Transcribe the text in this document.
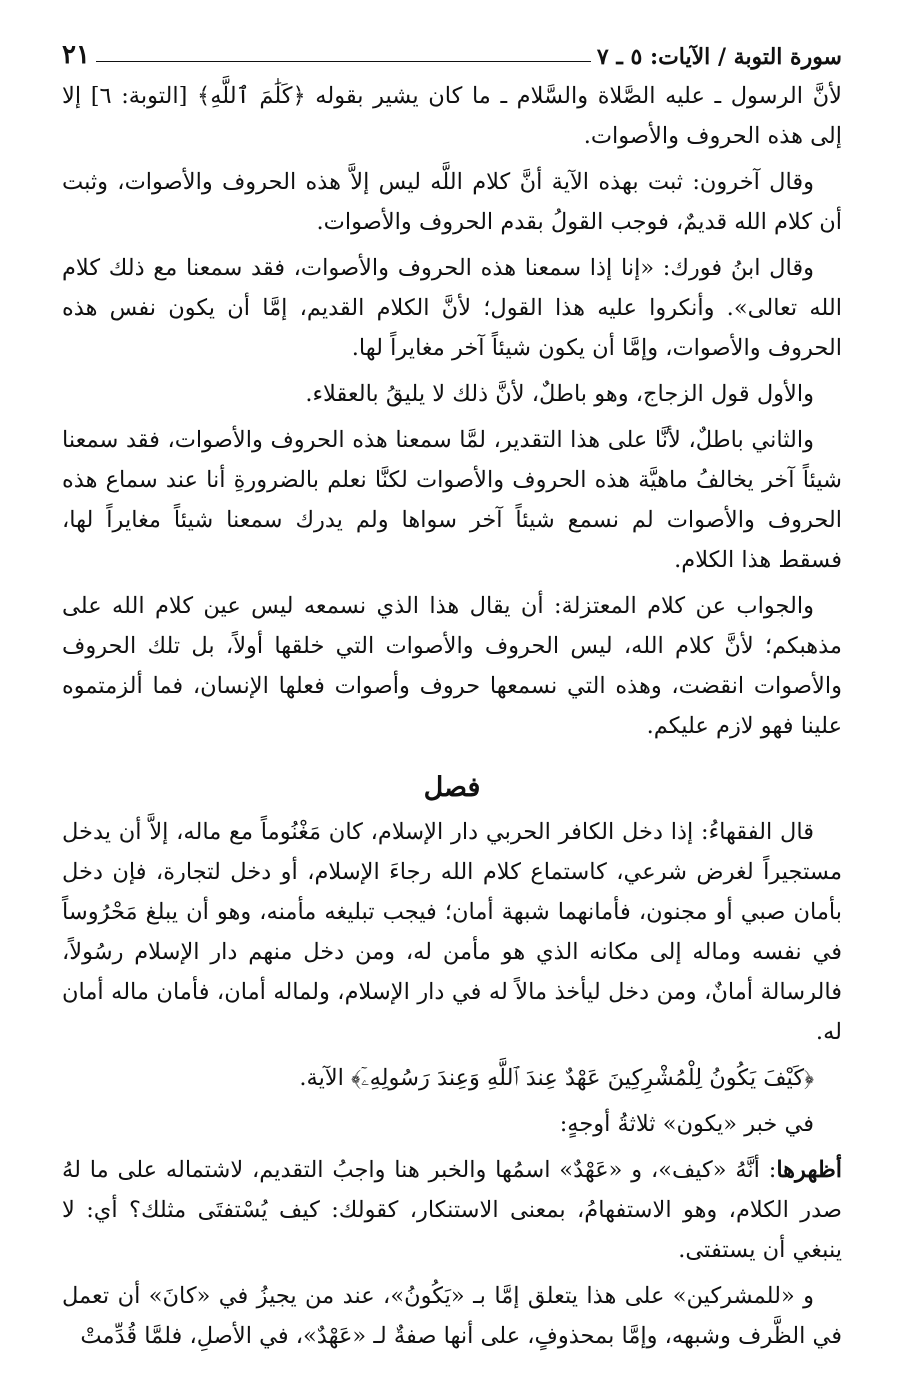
سورة التوبة / الآيات: ٥ ـ ٧
٢١

لأنَّ الرسول ـ عليه الصَّلاة والسَّلام ـ ما كان يشير بقوله ﴿كَلَٰمَ ٱللَّهِ﴾ [التوبة: ٦] إلا إلى هذه الحروف والأصوات.

وقال آخرون: ثبت بهذه الآية أنَّ كلام اللَّه ليس إلاَّ هذه الحروف والأصوات، وثبت أن كلام الله قديمٌ، فوجب القولُ بقدم الحروف والأصوات.

وقال ابنُ فورك: «إنا إذا سمعنا هذه الحروف والأصوات، فقد سمعنا مع ذلك كلام الله تعالى». وأنكروا عليه هذا القول؛ لأنَّ الكلام القديم، إمَّا أن يكون نفس هذه الحروف والأصوات، وإمَّا أن يكون شيئاً آخر مغايراً لها.

والأول قول الزجاج، وهو باطلٌ، لأنَّ ذلك لا يليقُ بالعقلاء.

والثاني باطلٌ، لأنَّا على هذا التقدير، لمَّا سمعنا هذه الحروف والأصوات، فقد سمعنا شيئاً آخر يخالفُ ماهيَّة هذه الحروف والأصوات لكنَّا نعلم بالضرورةِ أنا عند سماع هذه الحروف والأصوات لم نسمع شيئاً آخر سواها ولم يدرك سمعنا شيئاً مغايراً لها، فسقط هذا الكلام.

والجواب عن كلام المعتزلة: أن يقال هذا الذي نسمعه ليس عين كلام الله على مذهبكم؛ لأنَّ كلام الله، ليس الحروف والأصوات التي خلقها أولاً، بل تلك الحروف والأصوات انقضت، وهذه التي نسمعها حروف وأصوات فعلها الإنسان، فما ألزمتموه علينا فهو لازم عليكم.

فصل

قال الفقهاءُ: إذا دخل الكافر الحربي دار الإسلام، كان مَغْنُوماً مع ماله، إلاَّ أن يدخل مستجيراً لغرض شرعي، كاستماع كلام الله رجاءَ الإسلام، أو دخل لتجارة، فإن دخل بأمان صبي أو مجنون، فأمانهما شبهة أمان؛ فيجب تبليغه مأمنه، وهو أن يبلغ مَحْرُوساً في نفسه وماله إلى مكانه الذي هو مأمن له، ومن دخل منهم دار الإسلام رسُولاً، فالرسالة أمانٌ، ومن دخل ليأخذ مالاً له في دار الإسلام، ولماله أمان، فأمان ماله أمان له.

﴿كَيْفَ يَكُونُ لِلْمُشْرِكِينَ عَهْدٌ عِندَ ٱللَّهِ وَعِندَ رَسُولِهِۦٓ﴾ الآية.

في خبر «يكون» ثلاثةُ أوجهٍ:

أظهرها: أنَّهُ «كيف»، و «عَهْدٌ» اسمُها والخبر هنا واجبُ التقديم، لاشتماله على ما لهُ صدر الكلام، وهو الاستفهامُ، بمعنى الاستنكار، كقولك: كيف يُسْتفتَى مثلك؟ أي: لا ينبغي أن يستفتى.

و «للمشركين» على هذا يتعلق إمَّا بـ «يَكُونُ»، عند من يجيزُ في «كانَ» أن تعمل في الظَّرف وشبهه، وإمَّا بمحذوفٍ، على أنها صفةٌ لـ «عَهْدٌ»، في الأصلِ، فلمَّا قُدِّمتْ
